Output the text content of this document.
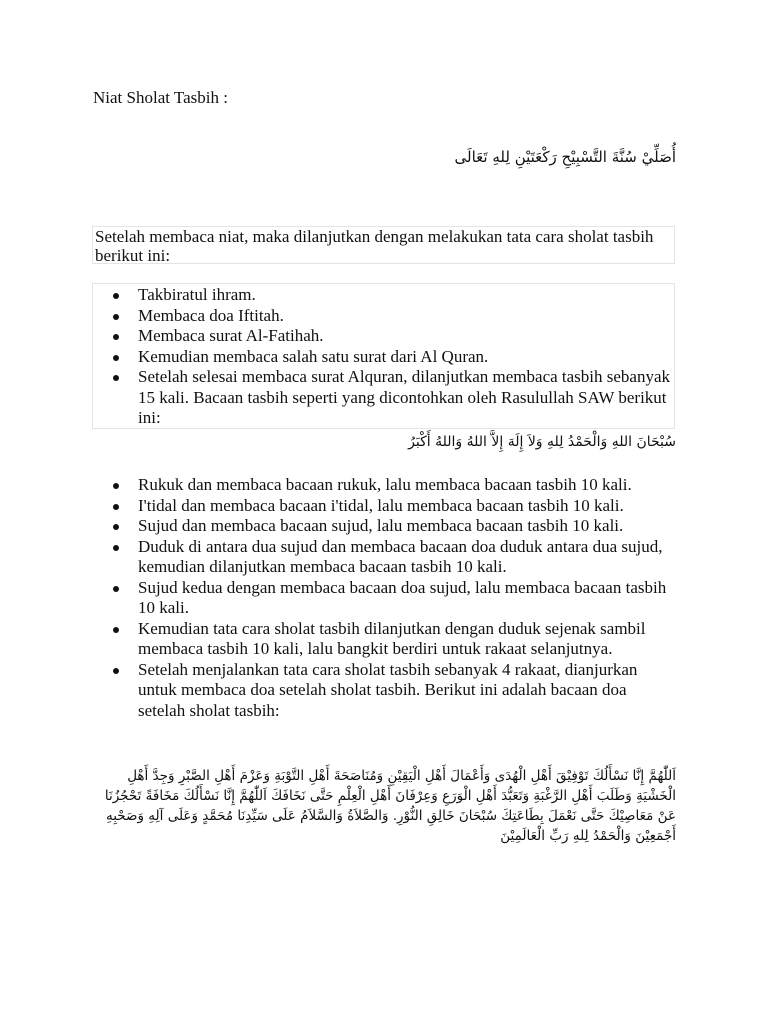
Niat Sholat Tasbih :
أُصَلِّيْ سُنَّةَ التَّسْبِيْحِ رَكْعَتَيْنِ لِلهِ تَعَالَى
Setelah membaca niat, maka dilanjutkan dengan melakukan tata cara sholat tasbih berikut ini:
Takbiratul ihram.
Membaca doa Iftitah.
Membaca surat Al-Fatihah.
Kemudian membaca salah satu surat dari Al Quran.
Setelah selesai membaca surat Alquran, dilanjutkan membaca tasbih sebanyak 15 kali. Bacaan tasbih seperti yang dicontohkan oleh Rasulullah SAW berikut ini:
سُبْحَانَ اللهِ وَالْحَمْدُ لِلهِ وَلاَ إِلَهَ إِلاَّ اللهُ وَاللهُ أَكْبَرُ
Rukuk dan membaca bacaan rukuk, lalu membaca bacaan tasbih 10 kali.
I'tidal dan membaca bacaan i'tidal, lalu membaca bacaan tasbih 10 kali.
Sujud dan membaca bacaan sujud, lalu membaca bacaan tasbih 10 kali.
Duduk di antara dua sujud dan membaca bacaan doa duduk antara dua sujud, kemudian dilanjutkan membaca bacaan tasbih 10 kali.
Sujud kedua dengan membaca bacaan doa sujud, lalu membaca bacaan tasbih 10 kali.
Kemudian tata cara sholat tasbih dilanjutkan dengan duduk sejenak sambil membaca tasbih 10 kali, lalu bangkit berdiri untuk rakaat selanjutnya.
Setelah menjalankan tata cara sholat tasbih sebanyak 4 rakaat, dianjurkan untuk membaca doa setelah sholat tasbih. Berikut ini adalah bacaan doa setelah sholat tasbih:
اَللّٰهُمَّ إِنَّا نَسْأَلُكَ تَوْفِيْقَ أَهْلِ الْهُدَى وَأَعْمَالَ أَهْلِ الْيَقِيْنِ وَمُنَاصَحَةَ أَهْلِ التَّوْبَةِ وَعَزْمَ أَهْلِ الصَّبْرِ وَجِدَّ أَهْلِ الْخَشْيَةِ وَطَلَبَ أَهْلِ الرَّغْبَةِ وَتَعَبُّدَ أَهْلِ الْوَرَعِ وَعِرْفَانَ أَهْلِ الْعِلْمِ حَتَّى نَخَافَكَ اَللّٰهُمَّ إِنَّا نَسْأَلُكَ مَخَافَةً تَحْجُزُنَا عَنْ مَعَاصِيْكَ حَتَّى نَعْمَلَ بِطَاعَتِكَ سُبْحَانَ خَالِقِ النُّوْرِ. وَالصَّلاَةُ وَالسَّلاَمُ عَلَى سَيِّدِنَا مُحَمَّدٍ وَعَلَى آلِهِ وَصَحْبِهِ أَجْمَعِيْنَ وَالْحَمْدُ لِلهِ رَبِّ الْعَالَمِيْنَ
